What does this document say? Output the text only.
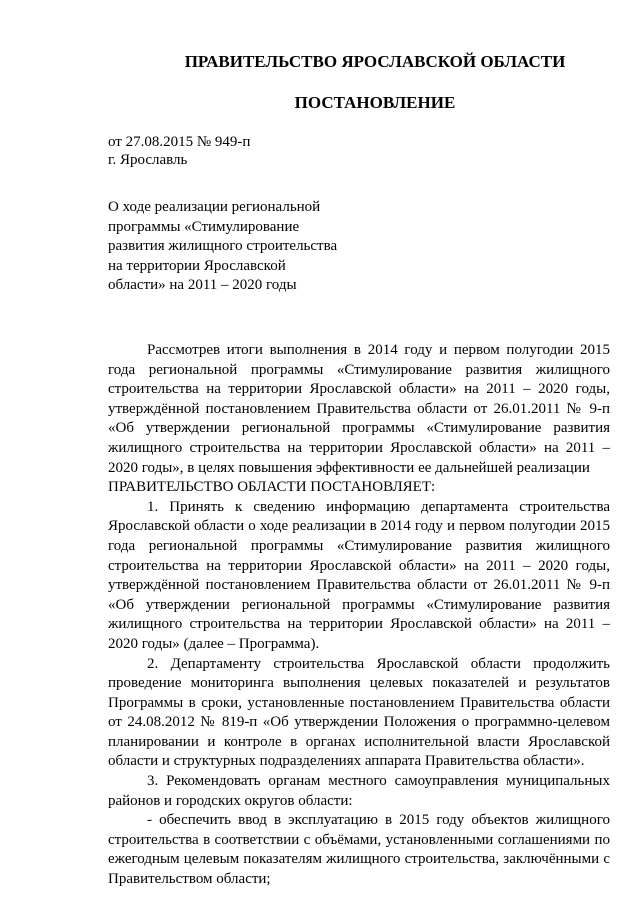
ПРАВИТЕЛЬСТВО ЯРОСЛАВСКОЙ ОБЛАСТИ
ПОСТАНОВЛЕНИЕ

от 27.08.2015 № 949-п

г. Ярославль

О ходе реализации региональной программы «Стимулирование развития жилищного строительства на территории Ярославской области» на 2011 – 2020 годы

Рассмотрев итоги выполнения в 2014 году и первом полугодии 2015 года региональной программы «Стимулирование развития жилищного строительства на территории Ярославской области» на 2011 – 2020 годы, утверждённой постановлением Правительства области от 26.01.2011 № 9-п «Об утверждении региональной программы «Стимулирование развития жилищного строительства на территории Ярославской области» на 2011 – 2020 годы», в целях повышения эффективности ее дальнейшей реализации

ПРАВИТЕЛЬСТВО ОБЛАСТИ ПОСТАНОВЛЯЕТ:

1. Принять к сведению информацию департамента строительства Ярославской области о ходе реализации в 2014 году и первом полугодии 2015 года региональной программы «Стимулирование развития жилищного строительства на территории Ярославской области» на 2011 – 2020 годы, утверждённой постановлением Правительства области от 26.01.2011 № 9-п «Об утверждении региональной программы «Стимулирование развития жилищного строительства на территории Ярославской области» на 2011 – 2020 годы» (далее – Программа).

2. Департаменту строительства Ярославской области продолжить проведение мониторинга выполнения целевых показателей и результатов Программы в сроки, установленные постановлением Правительства области от 24.08.2012 № 819-п «Об утверждении Положения о программно-целевом планировании и контроле в органах исполнительной власти Ярославской области и структурных подразделениях аппарата Правительства области».

3. Рекомендовать органам местного самоуправления муниципальных районов и городских округов области:

- обеспечить ввод в эксплуатацию в 2015 году объектов жилищного строительства в соответствии с объёмами, установленными соглашениями по ежегодным целевым показателям жилищного строительства, заключёнными с Правительством области;
